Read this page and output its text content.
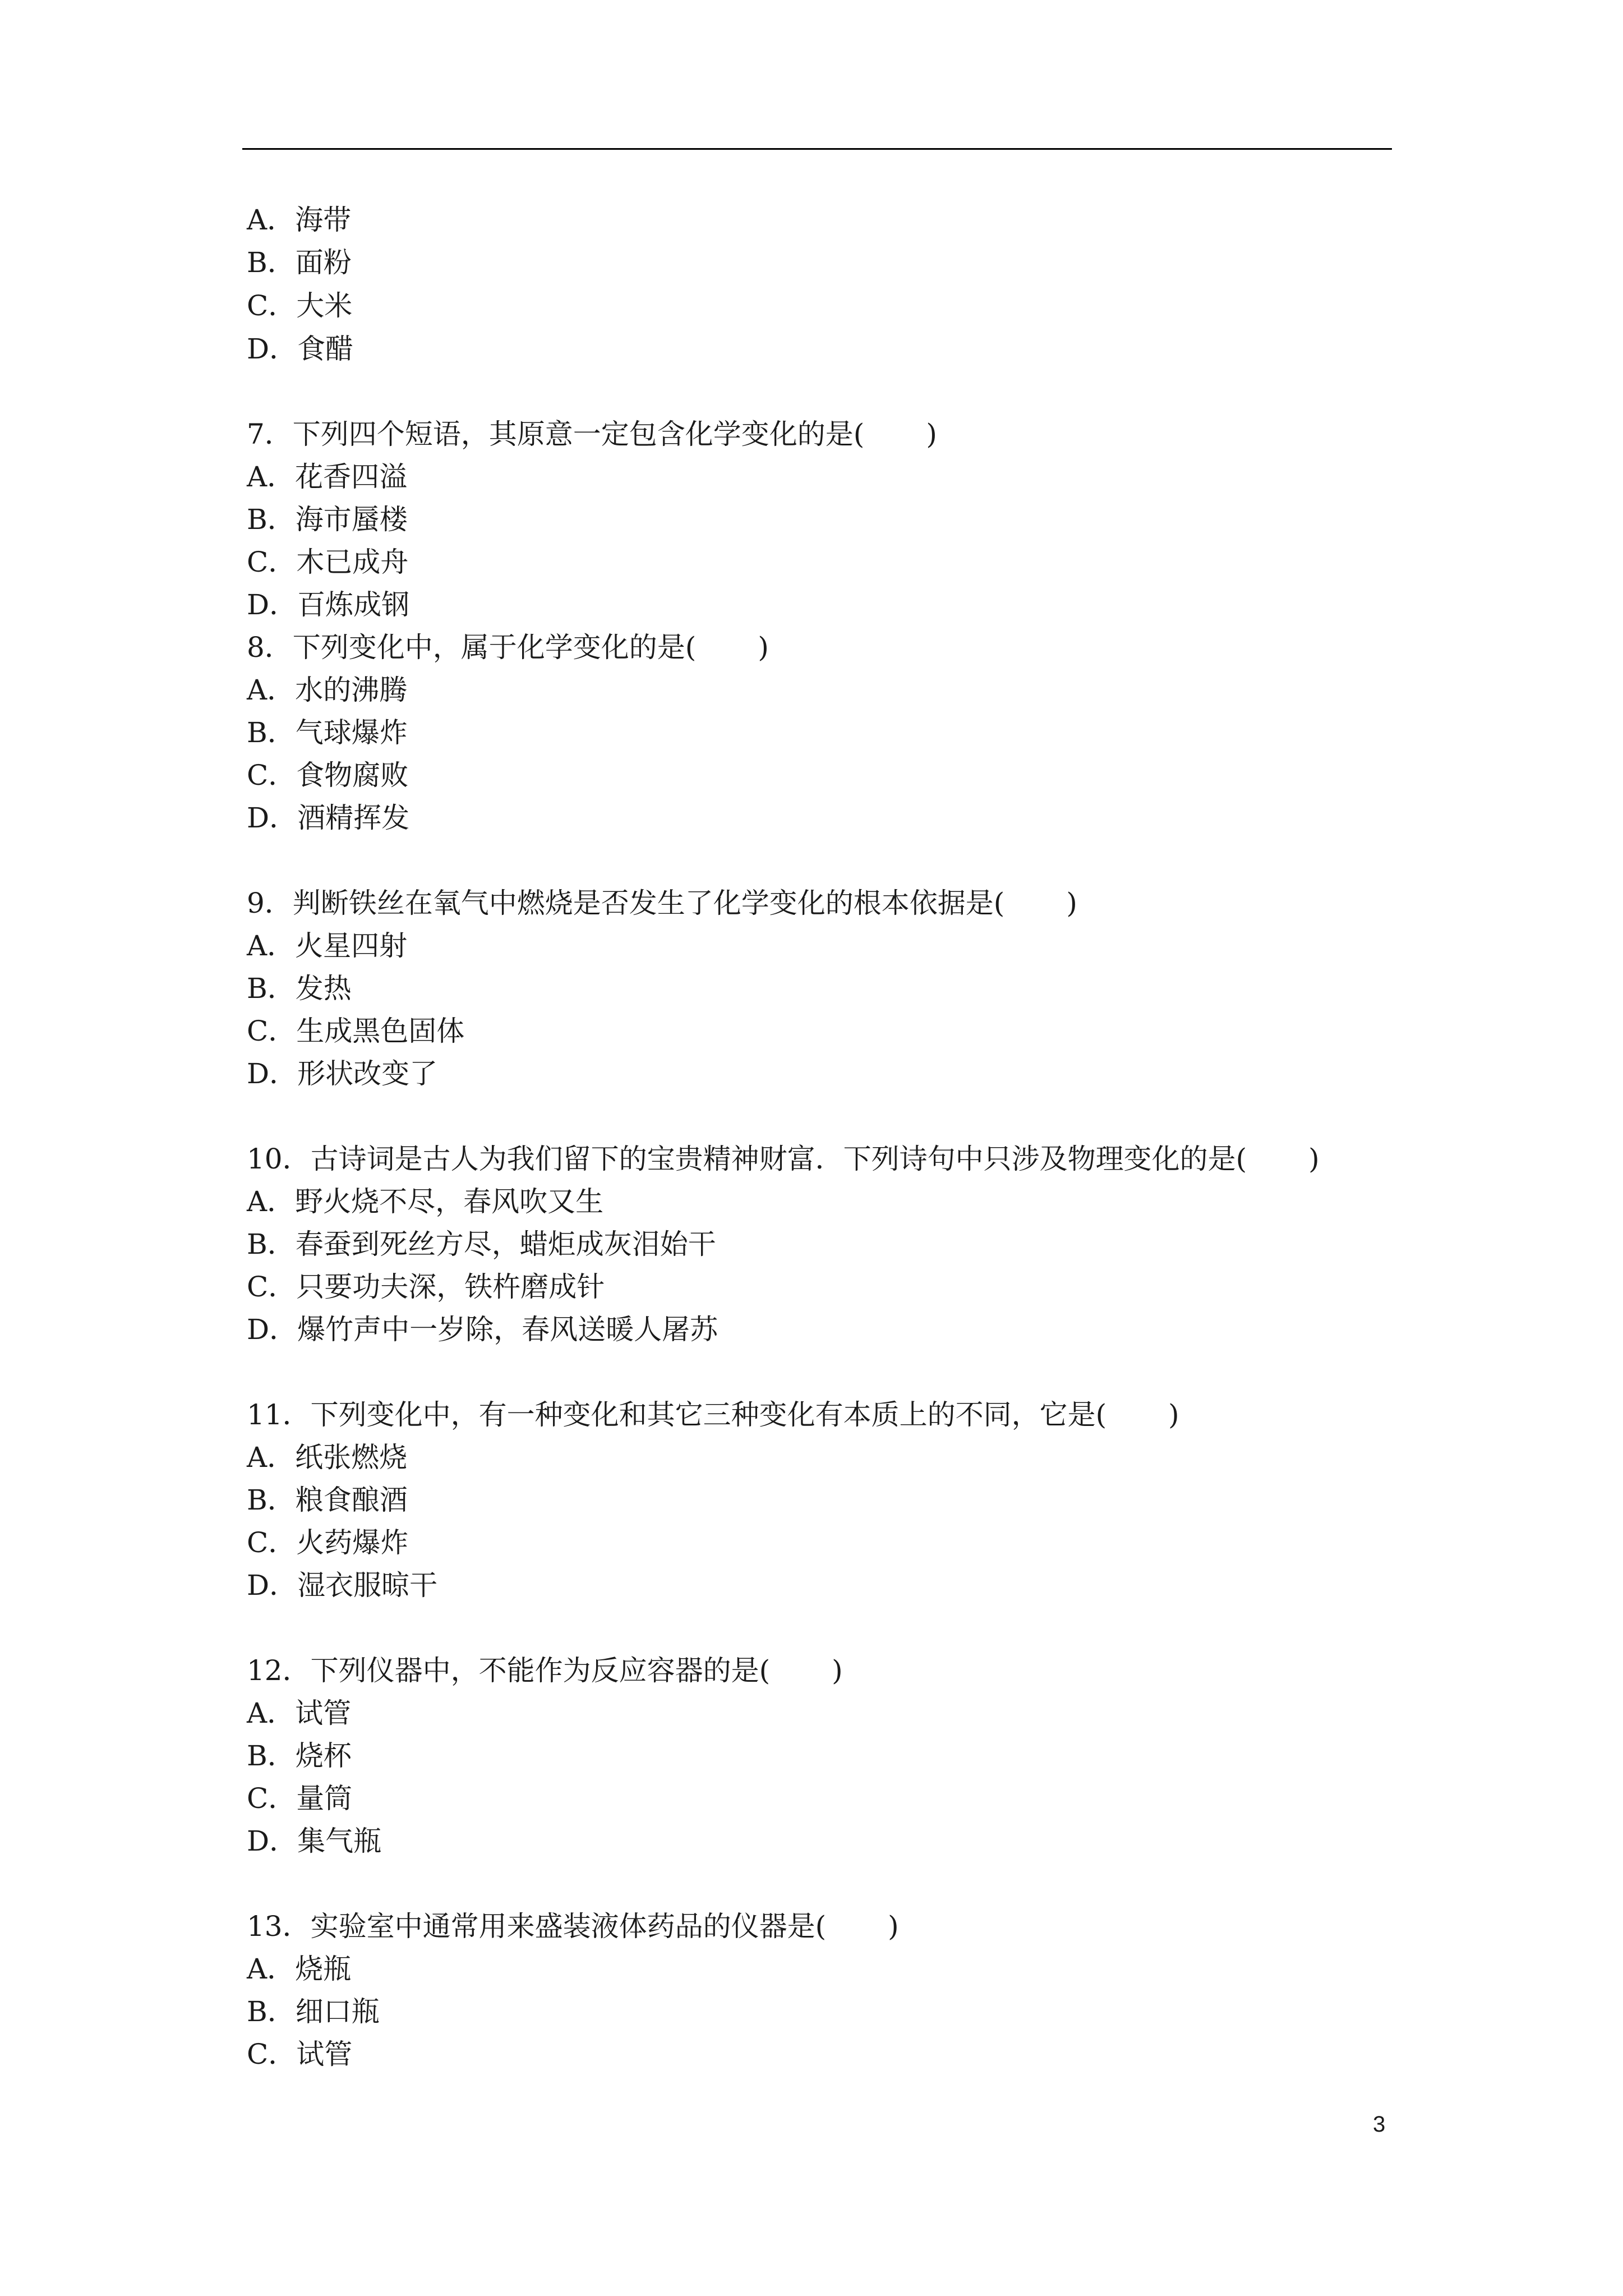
A．海带
B．面粉
C．大米
D．食醋
7．下列四个短语，其原意一定包含化学变化的是( )
A．花香四溢
B．海市蜃楼
C．木已成舟
D．百炼成钢
8．下列变化中，属于化学变化的是( )
A．水的沸腾
B．气球爆炸
C．食物腐败
D．酒精挥发
9．判断铁丝在氧气中燃烧是否发生了化学变化的根本依据是( )
A．火星四射
B．发热
C．生成黑色固体
D．形状改变了
10．古诗词是古人为我们留下的宝贵精神财富．下列诗句中只涉及物理变化的是( )
A．野火烧不尽，春风吹又生
B．春蚕到死丝方尽，蜡炬成灰泪始干
C．只要功夫深，铁杵磨成针
D．爆竹声中一岁除，春风送暖人屠苏
11．下列变化中，有一种变化和其它三种变化有本质上的不同，它是( )
A．纸张燃烧
B．粮食酿酒
C．火药爆炸
D．湿衣服晾干
12．下列仪器中，不能作为反应容器的是( )
A．试管
B．烧杯
C．量筒
D．集气瓶
13．实验室中通常用来盛装液体药品的仪器是( )
A．烧瓶
B．细口瓶
C．试管
3
